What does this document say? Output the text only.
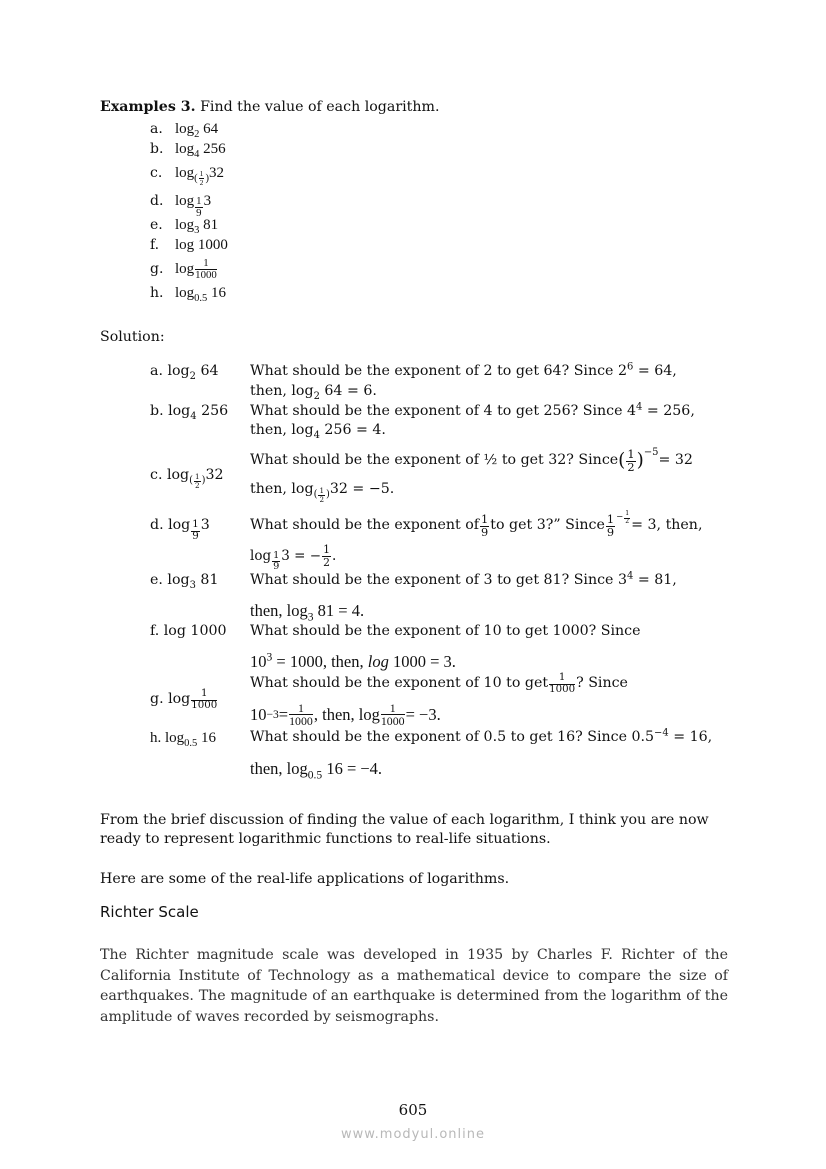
Examples 3. Find the value of each logarithm.

a. $\log_2 64$
b. $\log_4 256$
c. $\log_{( \frac{1}{2})} 32$
d. $\log \frac{1}{9} 3$
e. $\log_3 81$
f.	log 1000
g. $\log \frac{1}{1000}$
h. $\log_{0.5} 16$

Solution:

a. $\log_2 64$	What should be the exponent of 2 to get 64? Since $2^6 = 64$,
then, $\log_2 64 = 6$.
b. $\log_4 256$	What should be the exponent of 4 to get 256? Since $4^4 = 256$,
then, $\log_4 256 = 4$.
c. log ( $\frac{1}{2}$ ) 32
What should be the exponent of ½ to get 32? Since ( $\frac{1}{2} )^{-5} = 32$
then, log ( $\frac{1}{2}$ ) 32 = −5.
d. $\log \frac{1}{9} 3$	What should be the exponent of $\frac{1}{9}$ to get 3?” Since $\frac{1}{9} - \frac{1}{2} = 3$, then,
$\log \frac{1}{9} 3$ = − $\frac{1}{2}$ .
e. $\log_3 81$	What should be the exponent of 3 to get 81? Since $3^4 = 81$,
then, $\log_3 81 = 4$.
f. log 1000	What should be the exponent of 10 to get 1000? Since
$10^3 = 1000$, then, log 1000 = 3.
g. $\log \frac{1}{1000}$
What should be the exponent of 10 to get $\frac{1}{1000}$ ? Since
$10 -3 = \frac{1}{1000}$ , then, $\log \frac{1}{1000} = -3$.
h. $\log_{0.5} 16$	What should be the exponent of 0.5 to get 16? Since $0.5^{-4} = 16$,
then, $\log_{0.5} 16 = -4$.

From the brief discussion of finding the value of each logarithm, I think you are now ready to represent logarithmic functions to real-life situations.

Here are some of the real-life applications of logarithms.

Richter Scale

The Richter magnitude scale was developed in 1935 by Charles F. Richter of the California Institute of Technology as a mathematical device to compare the size of earthquakes. The magnitude of an earthquake is determined from the logarithm of the amplitude of waves recorded by seismographs.

605
www.modyul.online
